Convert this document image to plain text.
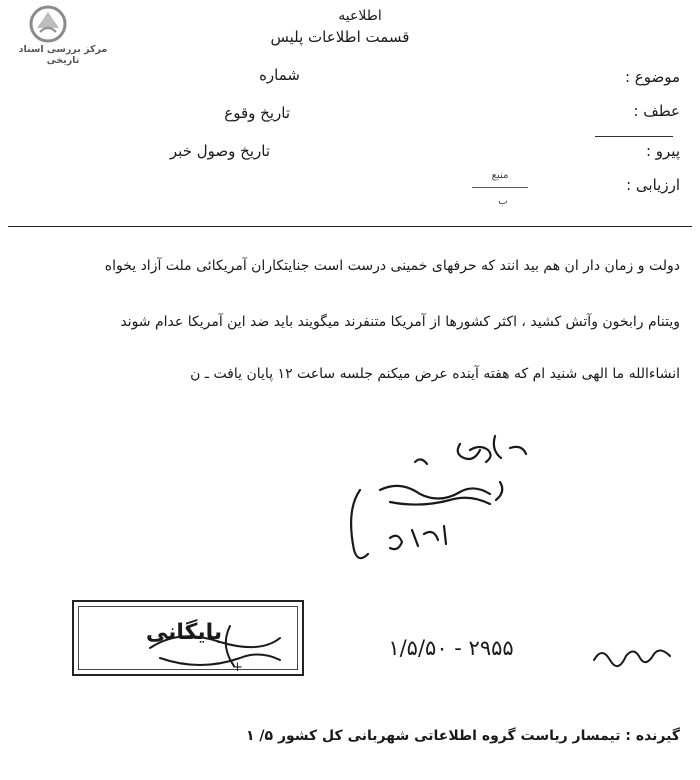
مرکز بررسی اسناد تاریخی
اطلاعیه
قسمت اطلاعات پلیس
موضوع :
شماره
عطف :
تاریخ وقوع
پیرو :
تاریخ وصول خبر
ارزیابی :
منبع
ب
دولت و زمان دار ان هم بید انند که حرفهای خمینی درست است جنایتکاران آمریکائی ملت آزاد یخواه
ویتنام رابخون وآتش کشید ، اکثر کشورها از آمریکا متنفرند میگویند باید ضد این آمریکا عدام شوند
انشاءالله ما الهی شنید ام که هفته آینده عرض میکنم جلسه ساعت ۱۲ پایان یافت ـ ن
بایگانی
+
۲۹۵۵ - ۱/۵/۵۰
گیرنده : تیمسار ریاست گروه اطلاعاتی شهربانی کل کشور ۵/ ۱
